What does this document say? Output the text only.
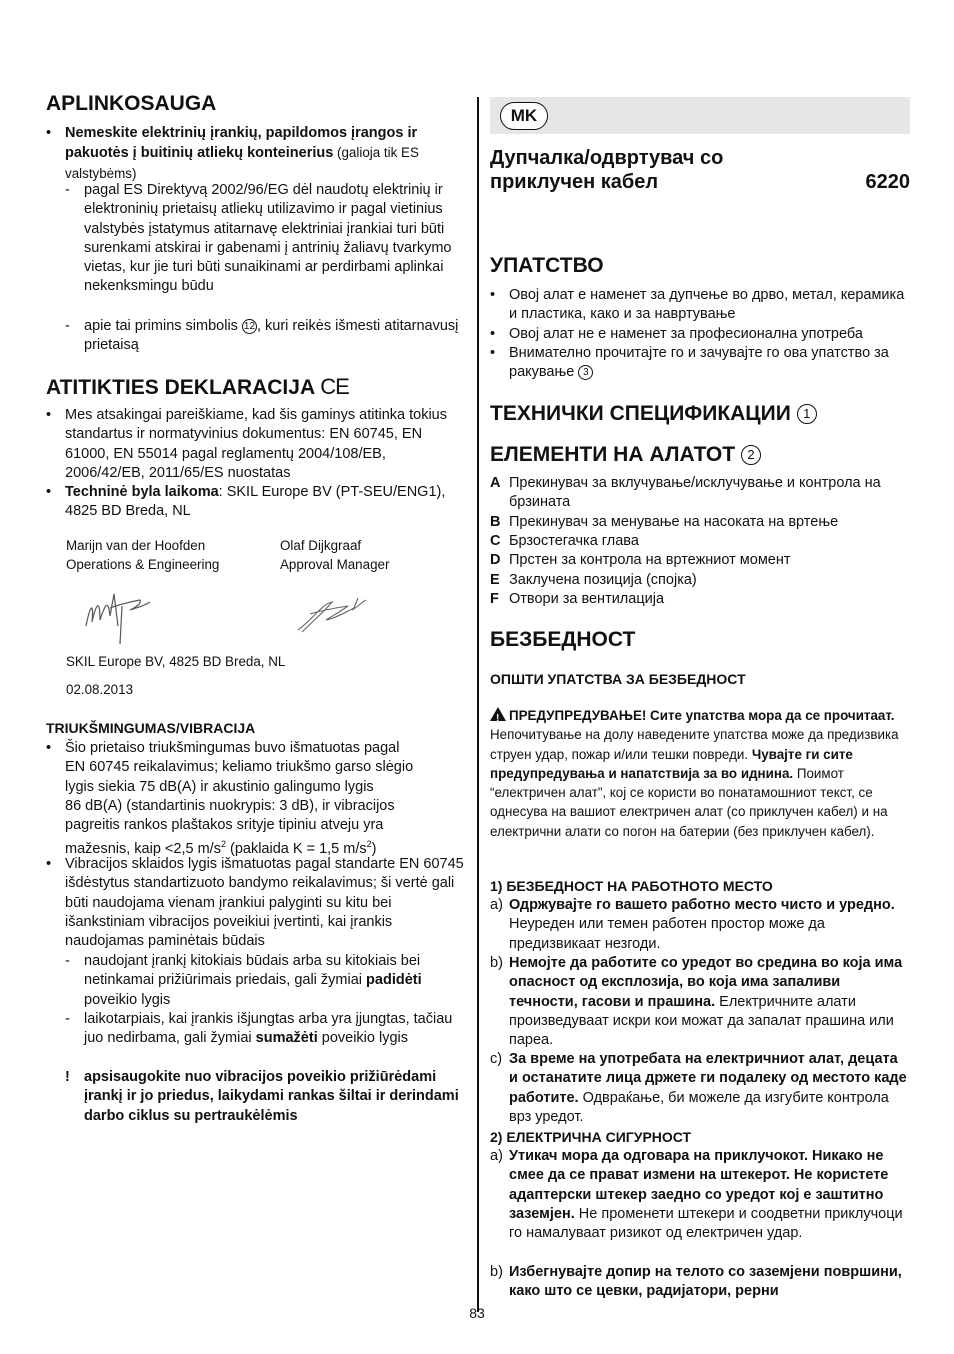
APLINKOSAUGA
• Nemeskite elektrinių įrankių, papildomos įrangos ir pakuotės į buitinių atliekų konteinerius (galioja tik ES valstybėms)
- pagal ES Direktyvą 2002/96/EG dėl naudotų elektrinių ir elektroninių prietaisų atliekų utilizavimo ir pagal vietinius valstybės įstatymus atitarnavę elektriniai įrankiai turi būti surenkami atskirai ir gabenami į antrinių žaliavų tvarkymo vietas, kur jie turi būti sunaikinami ar perdirbami aplinkai nekenksmingu būdu
- apie tai primins simbolis 12 , kuri reikės išmesti atitarnavusį prietaisą
ATITIKTIES DEKLARACIJA CE
• Mes atsakingai pareiškiame, kad šis gaminys atitinka tokius standartus ir normatyvinius dokumentus: EN 60745, EN 61000, EN 55014 pagal reglamentų 2004/108/EB, 2006/42/EB, 2011/65/ES nuostatas
• Techninė byla laikoma: SKIL Europe BV (PT-SEU/ENG1), 4825 BD Breda, NL
Marijn van der Hoofden
Operations & Engineering
Olaf Dijkgraaf
Approval Manager
SKIL Europe BV, 4825 BD Breda, NL
02.08.2013
TRIUKŠMINGUMAS/VIBRACIJA
• Šio prietaiso triukšmingumas buvo išmatuotas pagal
EN 60745 reikalavimus; keliamo triukšmo garso slėgio
lygis siekia 75 dB(A) ir akustinio galingumo lygis
86 dB(A) (standartinis nuokrypis: 3 dB), ir vibracijos
pagreitis rankos plaštakos srityje tipiniu atveju yra
mažesnis, kaip <2,5 $m/s^2$ (paklaida K = 1,5 $m/s^2$)
• Vibracijos sklaidos lygis išmatuotas pagal standarte EN 60745 išdėstytus standartizuoto bandymo reikalavimus; ši vertė gali būti naudojama vienam įrankiui palyginti su kitu bei išankstiniam vibracijos poveikiui įvertinti, kai įrankis naudojamas paminėtais būdais
- naudojant įrankį kitokiais būdais arba su kitokiais bei netinkamai prižiūrimais priedais, gali žymiai padidėti poveikio lygis
- laikotarpiais, kai įrankis išjungtas arba yra įjungtas, tačiau juo nedirbama, gali žymiai sumažėti poveikio lygis
! apsisaugokite nuo vibracijos poveikio prižiūrėdami įrankį ir jo priedus, laikydami rankas šiltai ir derindami darbo ciklus su pertraukėlėmis
MK
Дупчалка/одвртувач со
приклучен кабел	6220
УПАТСТВО
• Овој алат е наменет за дупчење во дрво, метал, керамика и пластика, како и за навртување
• Овој алат не е наменет за професионална употреба
• Внимателно прочитајте го и зачувајте го ова упатство за ракување 3
ТЕХНИЧКИ СПЕЦИФИКАЦИИ 1
ЕЛЕМЕНТИ НА АЛАТОТ 2
A Прекинувач за вклучување/исклучување и контрола на брзината
B Прекинувач за менување на насоката на вртење
C Брзостегачка глава
D Прстен за контрола на вртежниот момент
E Заклучена позиција (спојка)
F Отвори за вентилација
БЕЗБЕДНОСТ
ОПШТИ УПАТСТВА ЗА БЕЗБЕДНОСТ
!ПРЕДУПРЕДУВАЊЕ! Сите упатства мора да се прочитаат. Непочитување на долу наведените упатства може да предизвика струен удар, пожар и/или тешки повреди. Чувајте ги сите предупредувања и напатствија за во иднина. Поимот “електричен алат”, кој се користи во понатамошниот текст, се однесува на вашиот електричен алат (со приклучен кабел) и на електрични алати со погон на батерии (без приклучен кабел).
1) БЕЗБЕДНОСТ НА РАБОТНОТО МЕСТО
a) Одржувајте го вашето работно место чисто и уредно. Неуреден или темен работен простор може да предизвикаат незгоди.
b) Немојте да работите со уредот во средина во која има опасност од експлозија, во која има запаливи течности, гасови и прашина. Електричните алати произведуваат искри кои можат да запалат прашина или пареа.
c) За време на употребата на електричниот алат, децата и останатите лица држете ги подалеку од местото каде работите. Одвраќање, би можеле да изгубите контрола врз уредот.
2) ЕЛЕКТРИЧНА СИГУРНОСТ
a) Утикач мора да одговара на приклучокот. Никако не смее да се прават измени на штекерот. Не користете адаптерски штекер заедно со уредот кој е заштитно заземјен. Не променети штекери и соодветни приклучоци го намалуваат ризикот од електричен удар.
b) Избегнувајте допир на телото со заземјени површини, како што се цевки, радијатори, рерни
83
